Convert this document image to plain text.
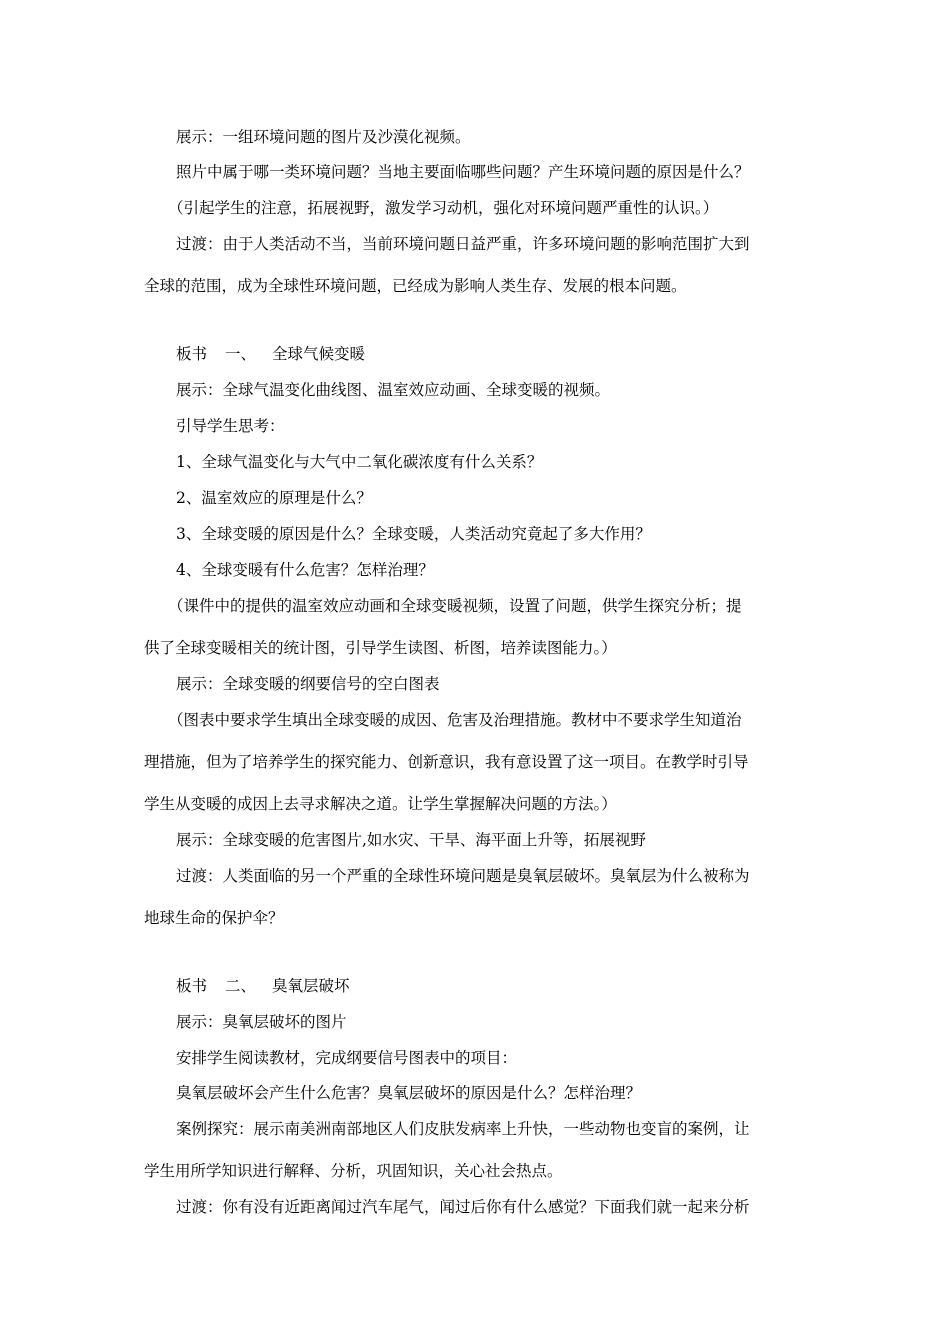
展示：一组环境问题的图片及沙漠化视频。

照片中属于哪一类环境问题？当地主要面临哪些问题？产生环境问题的原因是什么？

（引起学生的注意，拓展视野，激发学习动机，强化对环境问题严重性的认识。）

过渡：由于人类活动不当，当前环境问题日益严重，许多环境问题的影响范围扩大到

全球的范围，成为全球性环境问题，已经成为影响人类生存、发展的根本问题。

板书 一、 全球气候变暖

展示：全球气温变化曲线图、温室效应动画、全球变暖的视频。

引导学生思考：

1、全球气温变化与大气中二氧化碳浓度有什么关系？

2、温室效应的原理是什么？

3、全球变暖的原因是什么？全球变暖，人类活动究竟起了多大作用？

4、全球变暖有什么危害？怎样治理？

（课件中的提供的温室效应动画和全球变暖视频，设置了问题，供学生探究分析；提

供了全球变暖相关的统计图，引导学生读图、析图，培养读图能力。）

展示：全球变暖的纲要信号的空白图表

（图表中要求学生填出全球变暖的成因、危害及治理措施。教材中不要求学生知道治

理措施，但为了培养学生的探究能力、创新意识，我有意设置了这一项目。在教学时引导

学生从变暖的成因上去寻求解决之道。让学生掌握解决问题的方法。）

展示：全球变暖的危害图片,如水灾、干旱、海平面上升等，拓展视野

过渡：人类面临的另一个严重的全球性环境问题是臭氧层破坏。臭氧层为什么被称为

地球生命的保护伞？

板书 二、 臭氧层破坏

展示：臭氧层破坏的图片

安排学生阅读教材，完成纲要信号图表中的项目：

臭氧层破坏会产生什么危害？臭氧层破坏的原因是什么？怎样治理？

案例探究：展示南美洲南部地区人们皮肤发病率上升快，一些动物也变盲的案例，让

学生用所学知识进行解释、分析，巩固知识，关心社会热点。

过渡：你有没有近距离闻过汽车尾气，闻过后你有什么感觉？下面我们就一起来分析
